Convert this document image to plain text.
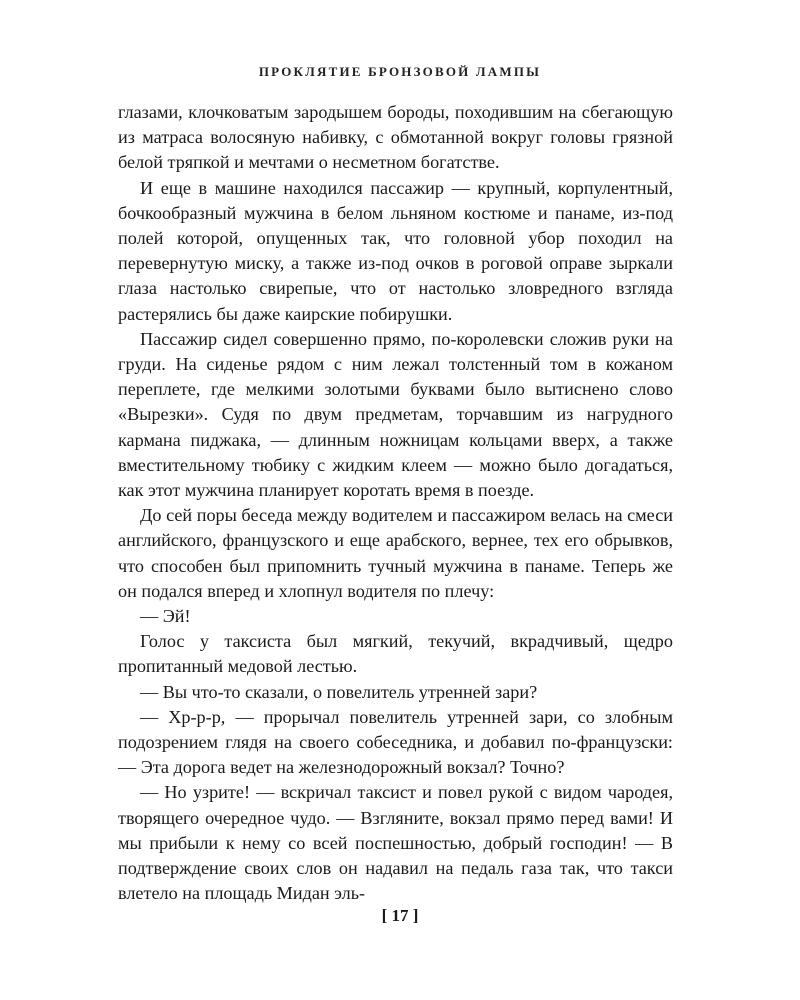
ПРОКЛЯТИЕ БРОНЗОВОЙ ЛАМПЫ

глазами, клочковатым зародышем бороды, походившим на сбегающую из матраса волосяную набивку, с обмотанной вокруг головы грязной белой тряпкой и мечтами о несметном богатстве.

И еще в машине находился пассажир — крупный, корпулентный, бочкообразный мужчина в белом льняном костюме и панаме, из-под полей которой, опущенных так, что головной убор походил на перевернутую миску, а также из-под очков в роговой оправе зыркали глаза настолько свирепые, что от настолько зловредного взгляда растерялись бы даже каирские побирушки.

Пассажир сидел совершенно прямо, по-королевски сложив руки на груди. На сиденье рядом с ним лежал толстенный том в кожаном переплете, где мелкими золотыми буквами было вытиснено слово «Вырезки». Судя по двум предметам, торчавшим из нагрудного кармана пиджака, — длинным ножницам кольцами вверх, а также вместительному тюбику с жидким клеем — можно было догадаться, как этот мужчина планирует коротать время в поезде.

До сей поры беседа между водителем и пассажиром велась на смеси английского, французского и еще арабского, вернее, тех его обрывков, что способен был припомнить тучный мужчина в панаме. Теперь же он подался вперед и хлопнул водителя по плечу:

— Эй!

Голос у таксиста был мягкий, текучий, вкрадчивый, щедро пропитанный медовой лестью.

— Вы что-то сказали, о повелитель утренней зари?

— Хр-р-р, — прорычал повелитель утренней зари, со злобным подозрением глядя на своего собеседника, и добавил по-французски: — Эта дорога ведет на железнодорожный вокзал? Точно?

— Но узрите! — вскричал таксист и повел рукой с видом чародея, творящего очередное чудо. — Взгляните, вокзал прямо перед вами! И мы прибыли к нему со всей поспешностью, добрый господин! — В подтверждение своих слов он надавил на педаль газа так, что такси влетело на площадь Мидан эль-

[ 17 ]
